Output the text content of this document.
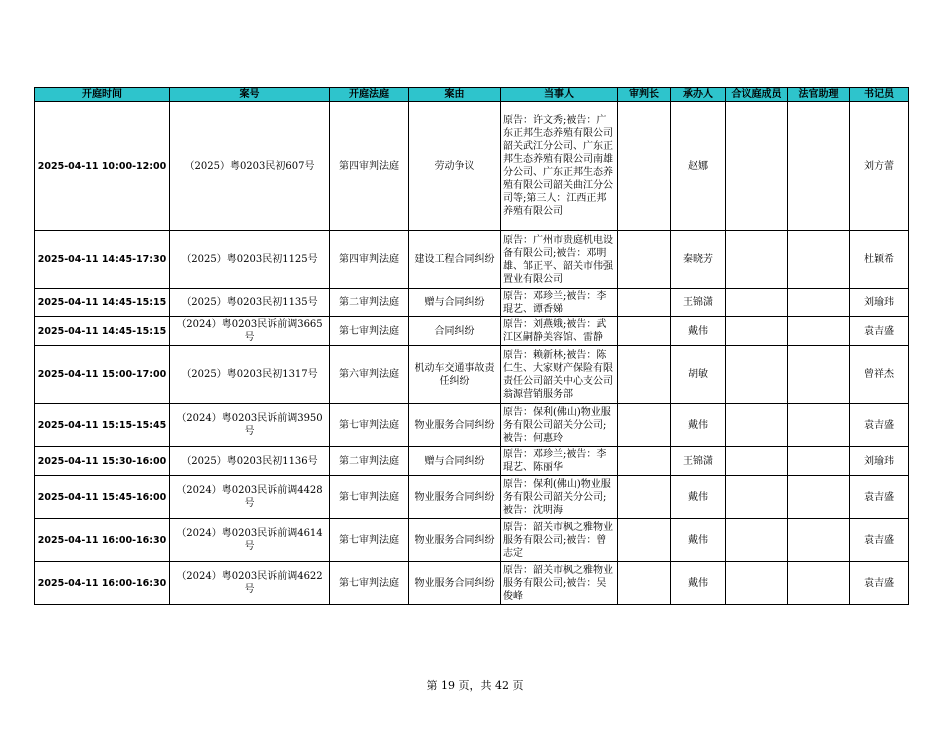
开庭时间	案号	开庭法庭	案由	当事人	审判长	承办人	合议庭成员	法官助理	书记员
2025-04-11 10:00-12:00	（2025）粤0203民初607号	第四审判法庭	劳动争议	原告：许文秀;被告：广东正邦生态养殖有限公司韶关武江分公司、广东正邦生态养殖有限公司南雄分公司、广东正邦生态养殖有限公司韶关曲江分公司等;第三人：江西正邦养殖有限公司		赵娜			刘方蕾
2025-04-11 14:45-17:30	（2025）粤0203民初1125号	第四审判法庭	建设工程合同纠纷	原告：广州市贵庭机电设备有限公司;被告：邓明雄、邹正平、韶关市伟强置业有限公司		秦晓芳			杜颖希
2025-04-11 14:45-15:15	（2025）粤0203民初1135号	第二审判法庭	赠与合同纠纷	原告：邓珍兰;被告：李琨艺、谭香娣		王锦潇			刘瑜玮
2025-04-11 14:45-15:15	（2024）粤0203民诉前调3665号	第七审判法庭	合同纠纷	原告：刘燕娥;被告：武江区嗣静美容馆、雷静		戴伟			袁吉盛
2025-04-11 15:00-17:00	（2025）粤0203民初1317号	第六审判法庭	机动车交通事故责任纠纷	原告：赖新林;被告：陈仁生、大家财产保险有限责任公司韶关中心支公司翁源营销服务部		胡敏			曾祥杰
2025-04-11 15:15-15:45	（2024）粤0203民诉前调3950号	第七审判法庭	物业服务合同纠纷	原告：保利(佛山)物业服务有限公司韶关分公司;被告：何惠玲		戴伟			袁吉盛
2025-04-11 15:30-16:00	（2025）粤0203民初1136号	第二审判法庭	赠与合同纠纷	原告：邓珍兰;被告：李琨艺、陈丽华		王锦潇			刘瑜玮
2025-04-11 15:45-16:00	（2024）粤0203民诉前调4428号	第七审判法庭	物业服务合同纠纷	原告：保利(佛山)物业服务有限公司韶关分公司;被告：沈明海		戴伟			袁吉盛
2025-04-11 16:00-16:30	（2024）粤0203民诉前调4614号	第七审判法庭	物业服务合同纠纷	原告：韶关市枫之雅物业服务有限公司;被告：曾志定		戴伟			袁吉盛
2025-04-11 16:00-16:30	（2024）粤0203民诉前调4622号	第七审判法庭	物业服务合同纠纷	原告：韶关市枫之雅物业服务有限公司;被告：吴俊峰		戴伟			袁吉盛
第 19 页，共 42 页
